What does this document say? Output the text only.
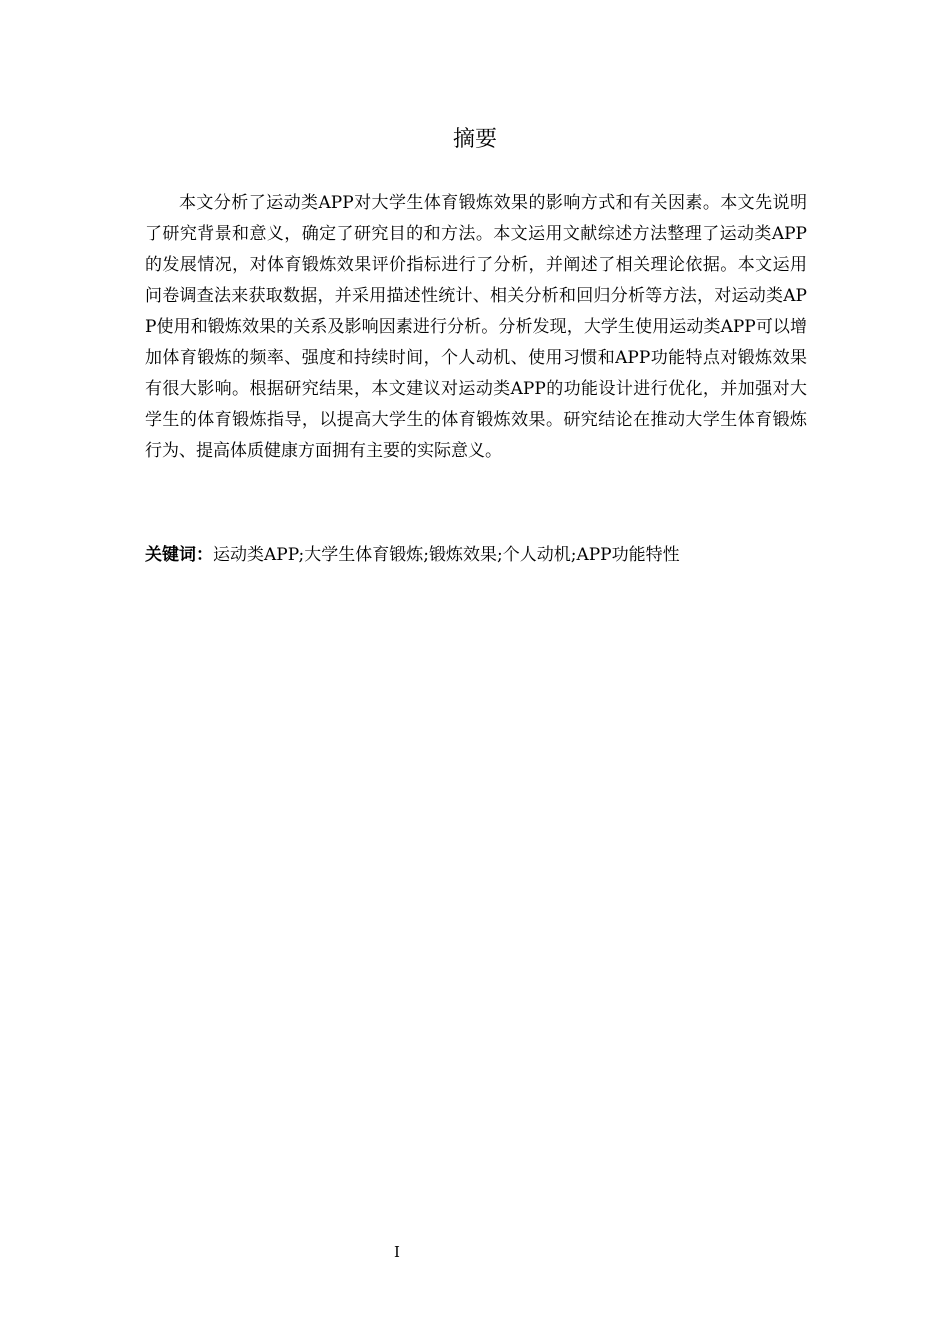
摘要

本文分析了运动类APP对大学生体育锻炼效果的影响方式和有关因素。本文先说明了研究背景和意义，确定了研究目的和方法。本文运用文献综述方法整理了运动类APP的发展情况，对体育锻炼效果评价指标进行了分析，并阐述了相关理论依据。本文运用问卷调查法来获取数据，并采用描述性统计、相关分析和回归分析等方法，对运动类APP使用和锻炼效果的关系及影响因素进行分析。分析发现，大学生使用运动类APP可以增加体育锻炼的频率、强度和持续时间，个人动机、使用习惯和APP功能特点对锻炼效果有很大影响。根据研究结果，本文建议对运动类APP的功能设计进行优化，并加强对大学生的体育锻炼指导，以提高大学生的体育锻炼效果。研究结论在推动大学生体育锻炼行为、提高体质健康方面拥有主要的实际意义。

关键词：运动类APP;大学生体育锻炼;锻炼效果;个人动机;APP功能特性

I
